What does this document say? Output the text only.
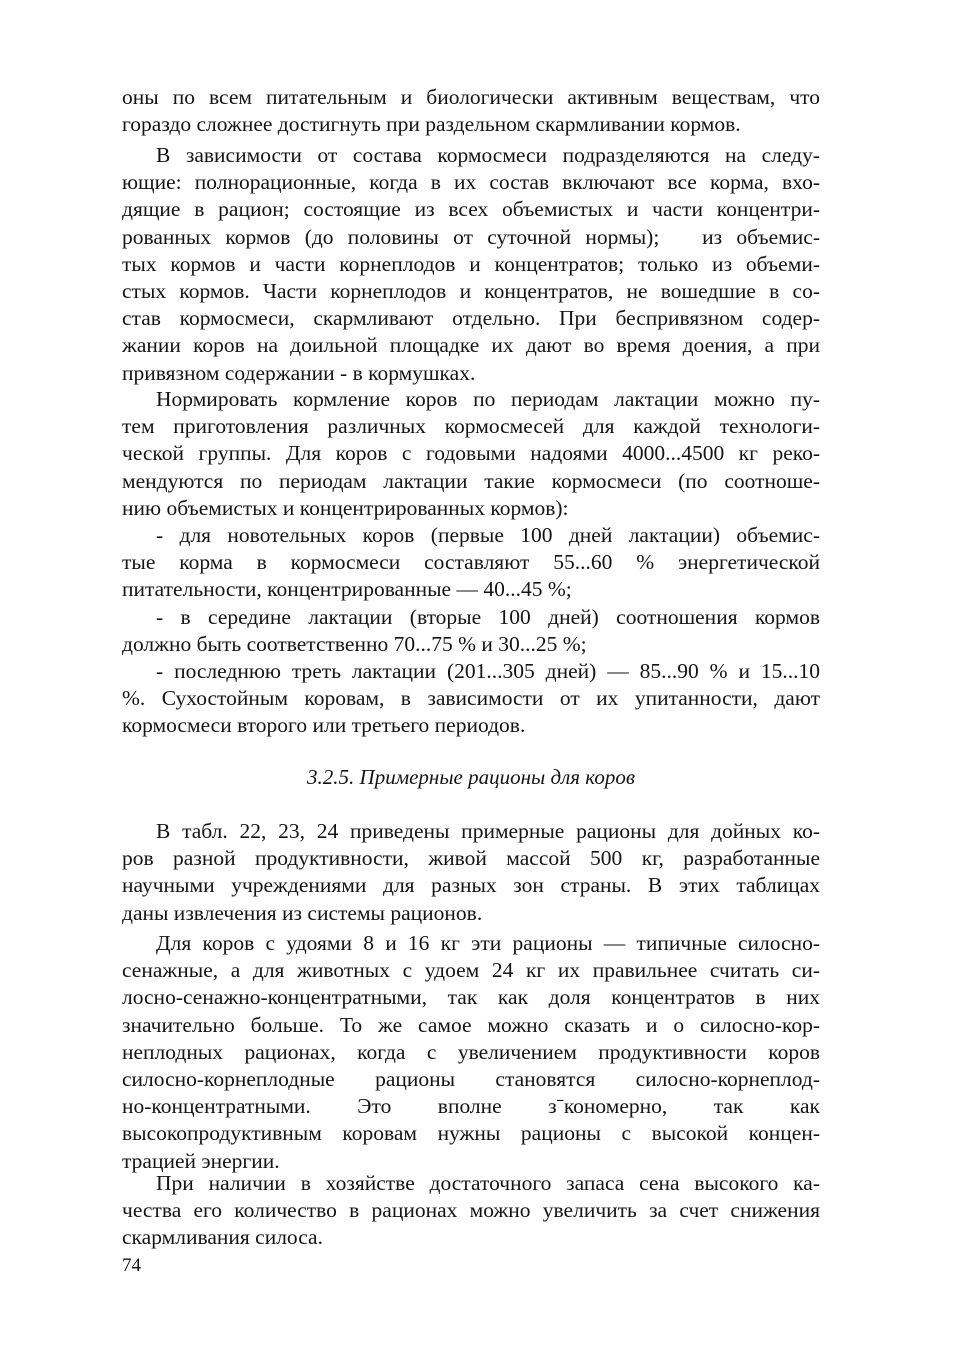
оны по всем питательным и биологически активным веществам, что
гораздо сложнее достигнуть при раздельном скармливании кормов.
В зависимости от состава кормосмеси подразделяются на следу-
ющие: полнорационные, когда в их состав включают все корма, вхо-
дящие в рацион; состоящие из всех объемистых и части концентри-
рованных кормов (до половины от суточной нормы);   из объемис-
тых кормов и части корнеплодов и концентратов; только из объеми-
стых кормов. Части корнеплодов и концентратов, не вошедшие в со-
став кормосмеси, скармливают отдельно. При беспривязном содер-
жании коров на доильной площадке их дают во время доения, а при
привязном содержании - в кормушках.
Нормировать кормление коров по периодам лактации можно пу-
тем приготовления различных кормосмесей для каждой технологи-
ческой группы. Для коров с годовыми надоями 4000...4500 кг реко-
мендуются по периодам лактации такие кормосмеси (по соотноше-
нию объемистых и концентрированных кормов):
- для новотельных коров (первые 100 дней лактации) объемис-
тые корма в кормосмеси составляют 55...60 % энергетической
питательности, концентрированные — 40...45 %;
- в середине лактации (вторые 100 дней) соотношения кормов
должно быть соответственно 70...75 % и 30...25 %;
- последнюю треть лактации (201...305 дней) — 85...90 % и 15...10
%. Сухостойным коровам, в зависимости от их упитанности, дают
кормосмеси второго или третьего периодов.

3.2.5. Примерные рационы для коров

В табл. 22, 23, 24 приведены примерные рационы для дойных ко-
ров разной продуктивности, живой массой 500 кг, разработанные
научными учреждениями для разных зон страны. В этих таблицах
даны извлечения из системы рационов.
Для коров с удоями 8 и 16 кг эти рационы — типичные силосно-
сенажные, а для животных с удоем 24 кг их правильнее считать си-
лосно-сенажно-концентратными, так как доля концентратов в них
значительно больше. То же самое можно сказать и о силосно-кор-
неплодных рационах, когда с увеличением продуктивности коров
силосно-корнеплодные рационы становятся силосно-корнеплод-
но-концентратными. Это вполне зˉкономерно, так как
высокопродуктивным коровам нужны рационы с высокой концен-
трацией энергии.
При наличии в хозяйстве достаточного запаса сена высокого ка-
чества его количество в рационах можно увеличить за счет снижения
скармливания силоса.

74
